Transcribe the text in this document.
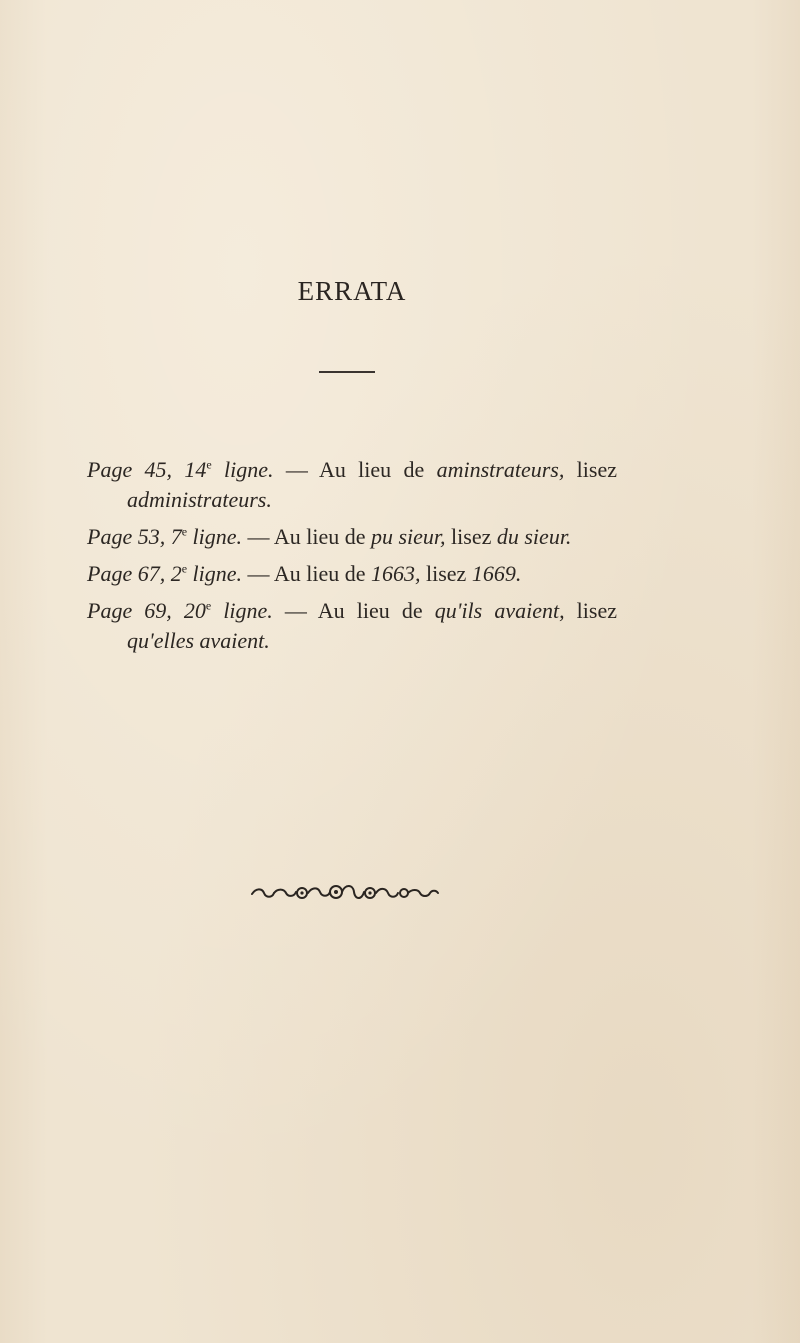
ERRATA

Page 45, 14e ligne. — Au lieu de aminstrateurs, lisez administrateurs.

Page 53, 7e ligne. — Au lieu de pu sieur, lisez du sieur.

Page 67, 2e ligne. — Au lieu de 1663, lisez 1669.

Page 69, 20e ligne. — Au lieu de qu'ils avaient, lisez qu'elles avaient.
